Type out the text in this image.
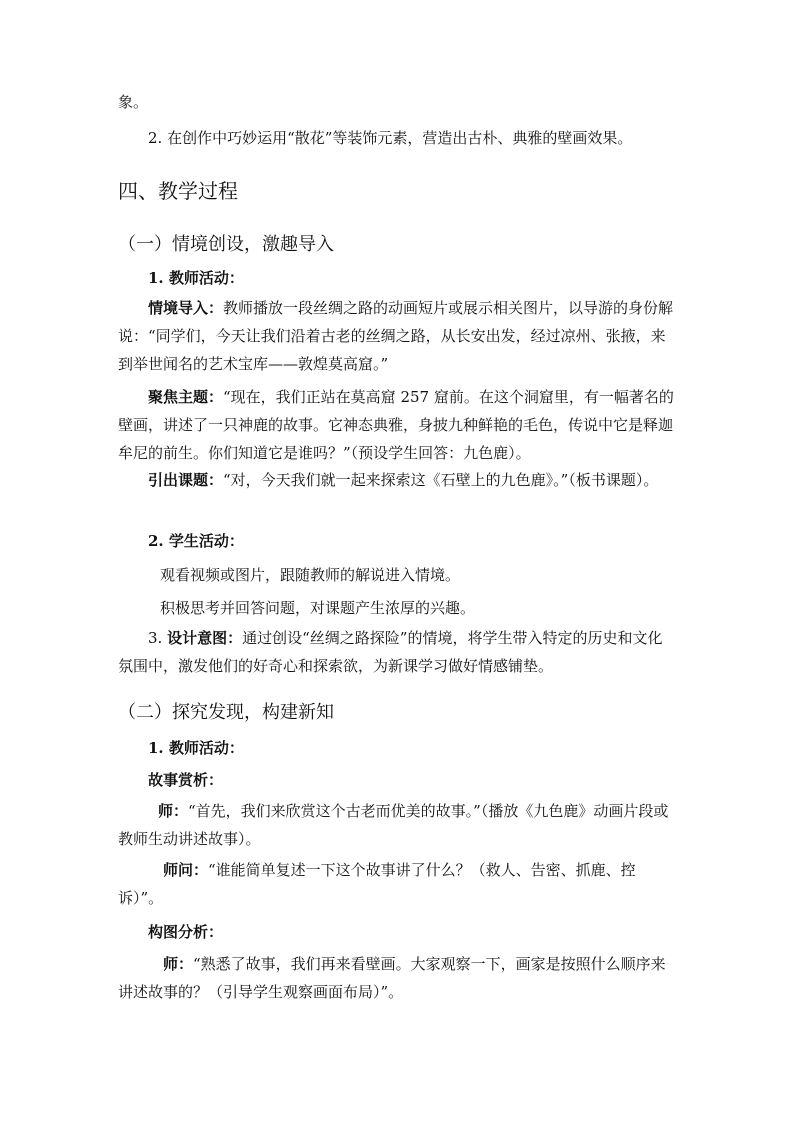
象。

2. 在创作中巧妙运用“散花”等装饰元素，营造出古朴、典雅的壁画效果。

四、教学过程
（一）情境创设，激趣导入

1. 教师活动：

情境导入：教师播放一段丝绸之路的动画短片或展示相关图片，以导游的身份解说：“同学们，今天让我们沿着古老的丝绸之路，从长安出发，经过凉州、张掖，来到举世闻名的艺术宝库——敦煌莫高窟。”

聚焦主题：“现在，我们正站在莫高窟 257 窟前。在这个洞窟里，有一幅著名的壁画，讲述了一只神鹿的故事。它神态典雅，身披九种鲜艳的毛色，传说中它是释迦牟尼的前生。你们知道它是谁吗？”（预设学生回答：九色鹿）。

引出课题：“对，今天我们就一起来探索这《石壁上的九色鹿》。”（板书课题）。

2. 学生活动：

观看视频或图片，跟随教师的解说进入情境。

积极思考并回答问题，对课题产生浓厚的兴趣。

3. 设计意图：通过创设“丝绸之路探险”的情境，将学生带入特定的历史和文化氛围中，激发他们的好奇心和探索欲，为新课学习做好情感铺垫。

（二）探究发现，构建新知

1. 教师活动：

故事赏析：

师：“首先，我们来欣赏这个古老而优美的故事。”（播放《九色鹿》动画片段或教师生动讲述故事）。

师问：“谁能简单复述一下这个故事讲了什么？（救人、告密、抓鹿、控诉）”。

构图分析：

师：“熟悉了故事，我们再来看壁画。大家观察一下，画家是按照什么顺序来讲述故事的？（引导学生观察画面布局）”。
